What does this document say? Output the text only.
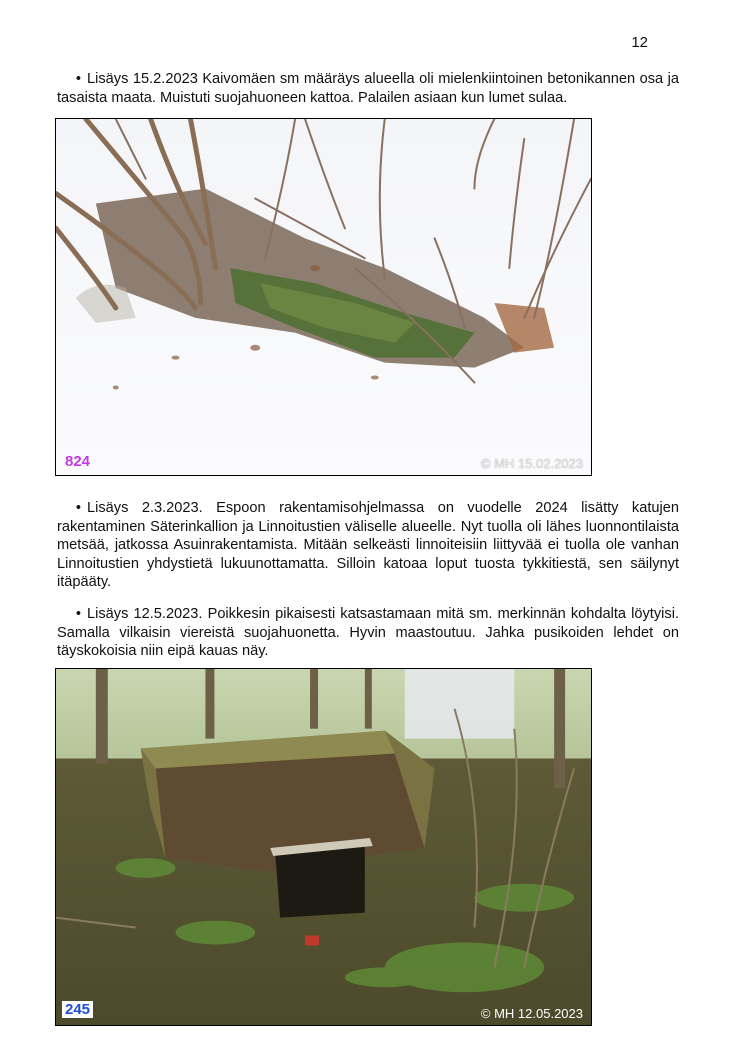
12

• Lisäys 15.2.2023 Kaivomäen sm määräys alueella oli mielenkiintoinen betonikannen osa ja tasaista maata. Muistuti suojahuoneen kattoa. Palailen asiaan kun lumet sulaa.

824	© MH 15.02.2023

• Lisäys 2.3.2023. Espoon rakentamisohjelmassa on vuodelle 2024 lisätty katujen rakentaminen Säterinkallion ja Linnoitustien väliselle alueelle. Nyt tuolla oli lähes luonnontilaista metsää, jatkossa Asuinrakentamista. Mitään selkeästi linnoiteisiin liittyvää ei tuolla ole vanhan Linnoitustien yhdystietä lukuunottamatta. Silloin katoaa loput tuosta tykkitiestä, sen säilynyt itäpääty.

• Lisäys 12.5.2023. Poikkesin pikaisesti katsastamaan mitä sm. merkinnän kohdalta löytyisi. Samalla vilkaisin viereistä suojahuonetta. Hyvin maastoutuu. Jahka pusikoiden lehdet on täyskokoisia niin eipä kauas näy.

245	© MH 12.05.2023
